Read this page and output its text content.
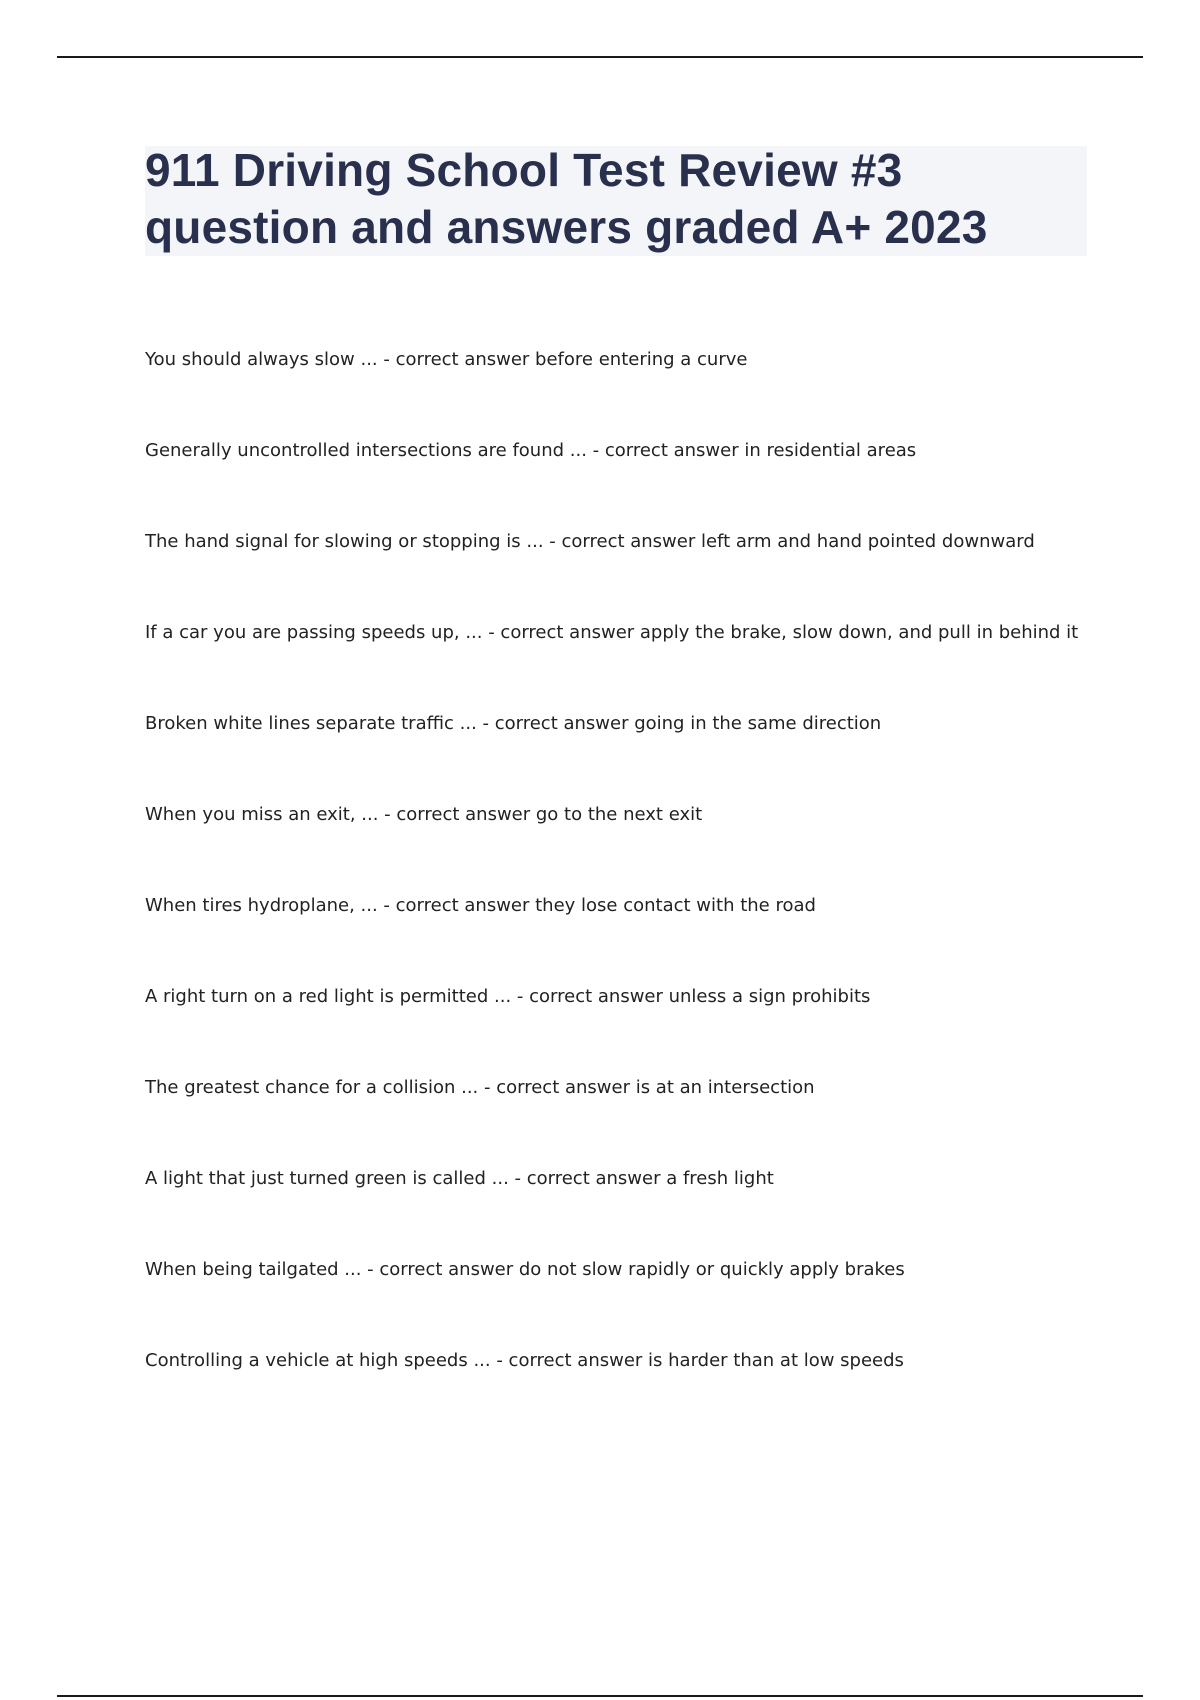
911 Driving School Test Review #3 question and answers graded A+ 2023
You should always slow ... - correct answer before entering a curve
Generally uncontrolled intersections are found ... - correct answer in residential areas
The hand signal for slowing or stopping is ... - correct answer left arm and hand pointed downward
If a car you are passing speeds up, ... - correct answer apply the brake, slow down, and pull in behind it
Broken white lines separate traffic ... - correct answer going in the same direction
When you miss an exit, ... - correct answer go to the next exit
When tires hydroplane, ... - correct answer they lose contact with the road
A right turn on a red light is permitted ... - correct answer unless a sign prohibits
The greatest chance for a collision ... - correct answer is at an intersection
A light that just turned green is called ... - correct answer a fresh light
When being tailgated ... - correct answer do not slow rapidly or quickly apply brakes
Controlling a vehicle at high speeds ... - correct answer is harder than at low speeds
